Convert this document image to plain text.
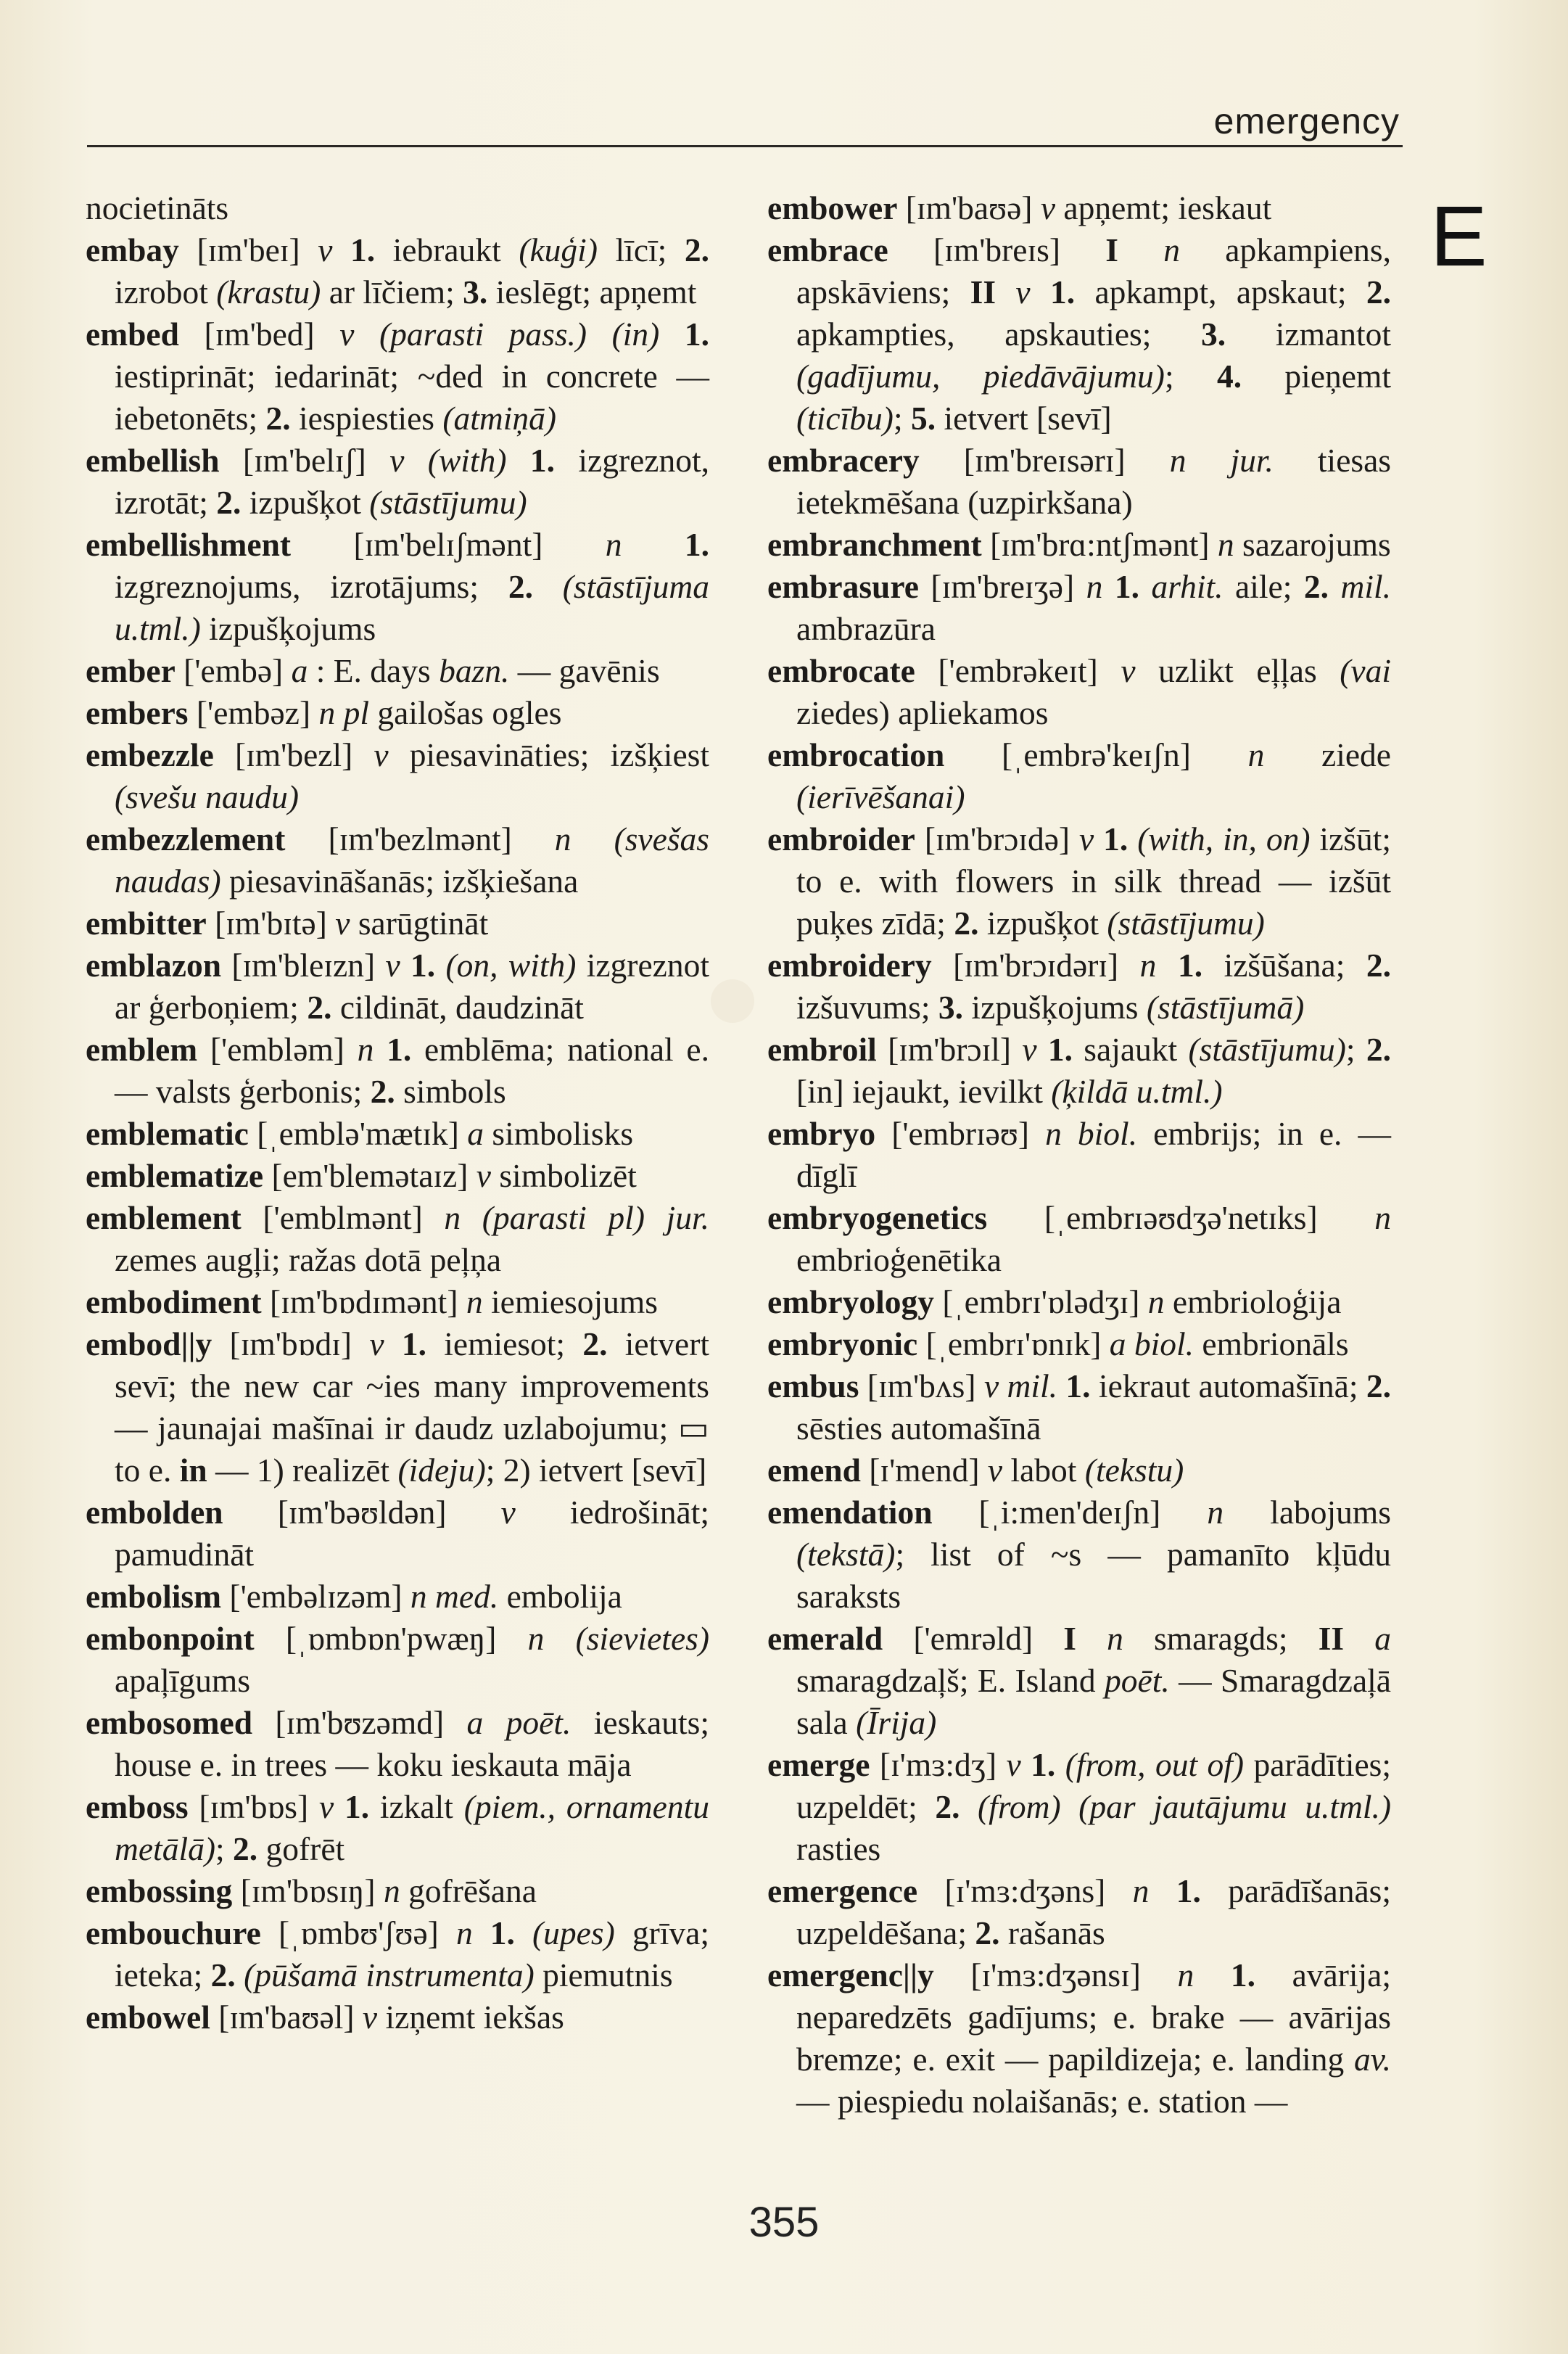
emergency
E

nocietināts

embay [ɪm'beɪ] v 1. iebraukt (kuģi) līcī; 2. izrobot (krastu) ar līčiem; 3. ieslēgt; apņemt

embed [ɪm'bed] v (parasti pass.) (in) 1. iestiprināt; iedarināt; ~ded in concrete — iebetonēts; 2. iespiesties (atmiņā)

embellish [ɪm'belɪʃ] v (with) 1. izgreznot, izrotāt; 2. izpušķot (stāstījumu)

embellishment [ɪm'belɪʃmənt] n 1. izgreznojums, izrotājums; 2. (stāstījuma u.tml.) izpušķojums

ember ['embə] a : E. days bazn. — gavēnis

embers ['embəz] n pl gailošas ogles

embezzle [ɪm'bezl] v piesavināties; izšķiest (svešu naudu)

embezzlement [ɪm'bezlmənt] n (svešas naudas) piesavināšanās; izšķiešana

embitter [ɪm'bɪtə] v sarūgtināt

emblazon [ɪm'bleɪzn] v 1. (on, with) izgreznot ar ģerboņiem; 2. cildināt, daudzināt

emblem ['embləm] n 1. emblēma; national e. — valsts ģerbonis; 2. simbols

emblematic [ˌemblə'mætɪk] a simbolisks

emblematize [em'blemətaɪz] v simbolizēt

emblement ['emblmənt] n (parasti pl) jur. zemes augļi; ražas dotā peļņa

embodiment [ɪm'bɒdɪmənt] n iemiesojums

embod||y [ɪm'bɒdɪ] v 1. iemiesot; 2. ietvert sevī; the new car ~ies many improvements — jaunajai mašīnai ir daudz uzlabojumu; ▭ to e. in — 1) realizēt (ideju); 2) ietvert [sevī]

embolden [ɪm'bəʊldən] v iedrošināt; pamudināt

embolism ['embəlɪzəm] n med. embolija

embonpoint [ˌɒmbɒn'pwæŋ] n (sievietes) apaļīgums

embosomed [ɪm'bʊzəmd] a poēt. ieskauts; house e. in trees — koku ieskauta māja

emboss [ɪm'bɒs] v 1. izkalt (piem., ornamentu metālā); 2. gofrēt

embossing [ɪm'bɒsɪŋ] n gofrēšana

embouchure [ˌɒmbʊ'ʃʊə] n 1. (upes) grīva; ieteka; 2. (pūšamā instrumenta) piemutnis

embowel [ɪm'baʊəl] v izņemt iekšas

embower [ɪm'baʊə] v apņemt; ieskaut

embrace [ɪm'breɪs] I n apkampiens, apskāviens; II v 1. apkampt, apskaut; 2. apkampties, apskauties; 3. izmantot (gadījumu, piedāvājumu); 4. pieņemt (ticību); 5. ietvert [sevī]

embracery [ɪm'breɪsərɪ] n jur. tiesas ietekmēšana (uzpirkšana)

embranchment [ɪm'brɑ:ntʃmənt] n sazarojums

embrasure [ɪm'breɪʒə] n 1. arhit. aile; 2. mil. ambrazūra

embrocate ['embrəkeɪt] v uzlikt eļļas (vai ziedes) apliekamos

embrocation [ˌembrə'keɪʃn] n ziede (ierīvēšanai)

embroider [ɪm'brɔɪdə] v 1. (with, in, on) izšūt; to e. with flowers in silk thread — izšūt puķes zīdā; 2. izpušķot (stāstījumu)

embroidery [ɪm'brɔɪdərɪ] n 1. izšūšana; 2. izšuvums; 3. izpušķojums (stāstījumā)

embroil [ɪm'brɔɪl] v 1. sajaukt (stāstījumu); 2. [in] iejaukt, ievilkt (ķildā u.tml.)

embryo ['embrɪəʊ] n biol. embrijs; in e. — dīglī

embryogenetics [ˌembrɪəʊdʒə'netɪks] n embrioģenētika

embryology [ˌembrɪ'ɒlədʒɪ] n embrioloģija

embryonic [ˌembrɪ'ɒnɪk] a biol. embrionāls

embus [ɪm'bʌs] v mil. 1. iekraut automašīnā; 2. sēsties automašīnā

emend [ɪ'mend] v labot (tekstu)

emendation [ˌi:men'deɪʃn] n labojums (tekstā); list of ~s — pamanīto kļūdu saraksts

emerald ['emrəld] I n smaragds; II a smaragdzaļš; E. Island poēt. — Smaragdzaļā sala (Īrija)

emerge [ɪ'mɜ:dʒ] v 1. (from, out of) parādīties; uzpeldēt; 2. (from) (par jautājumu u.tml.) rasties

emergence [ɪ'mɜ:dʒəns] n 1. parādīšanās; uzpeldēšana; 2. rašanās

emergenc||y [ɪ'mɜ:dʒənsɪ] n 1. avārija; neparedzēts gadījums; e. brake — avārijas bremze; e. exit — papildizeja; e. landing av. — piespiedu nolaišanās; e. station —

355
